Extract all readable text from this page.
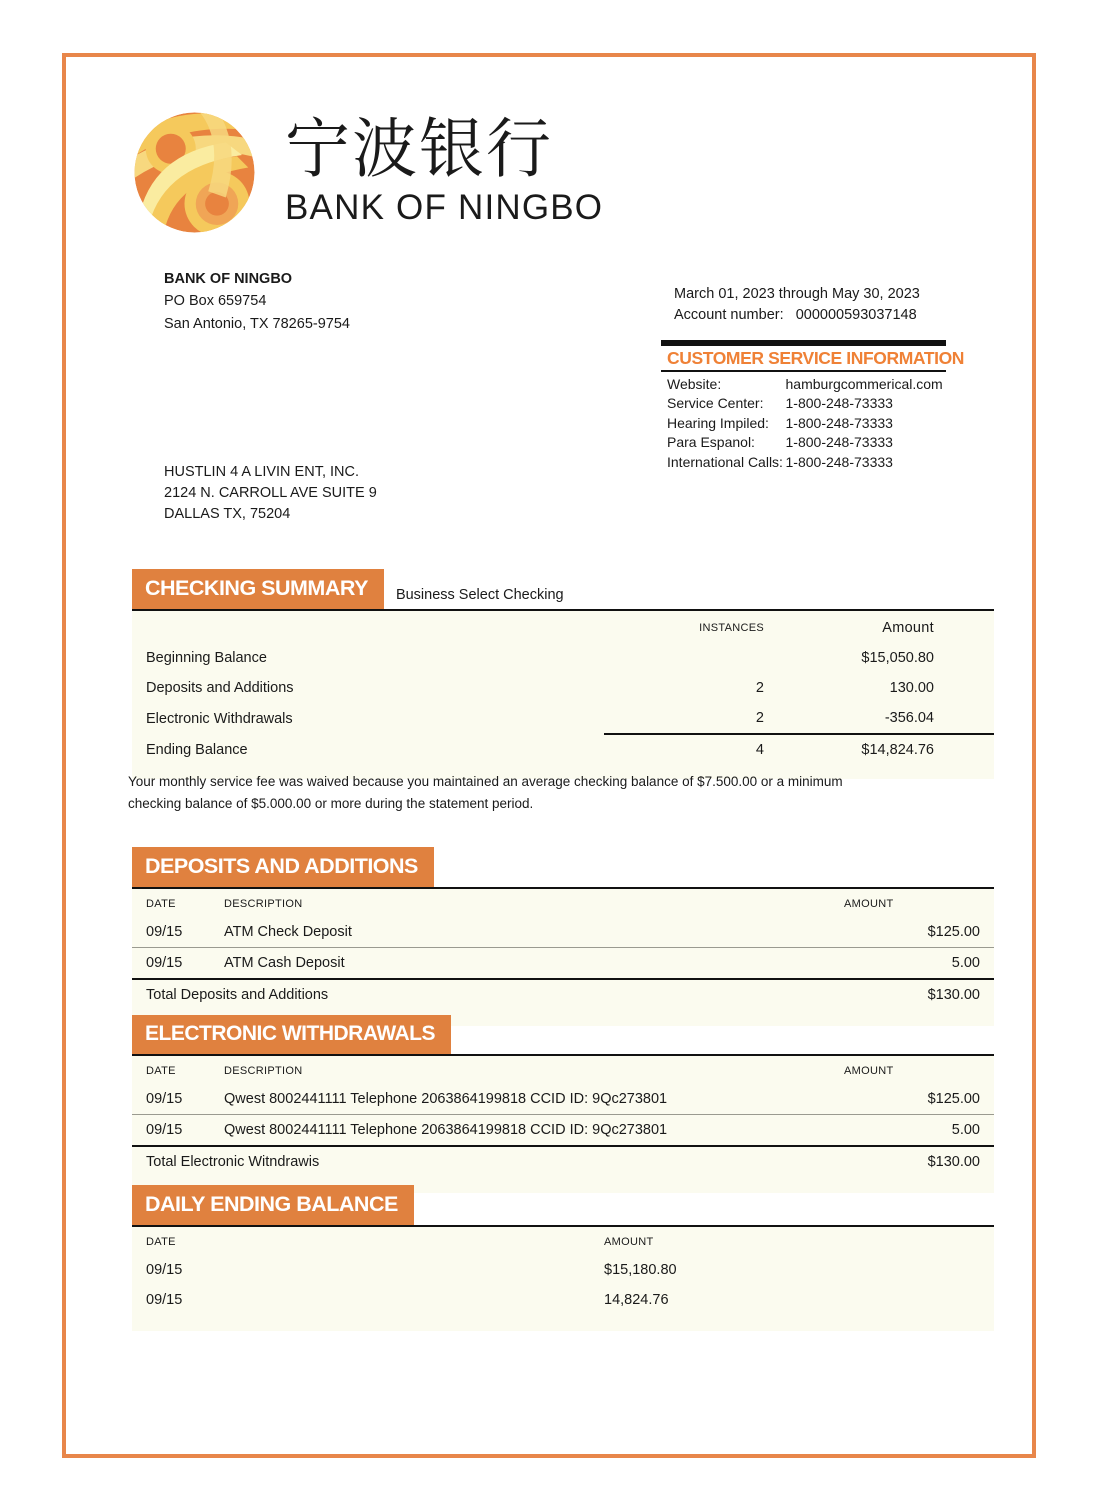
宁波银行
BANK OF NINGBO
BANK OF NINGBO
PO Box 659754
San Antonio, TX 78265-9754
March 01, 2023 through May 30, 2023
Account number: 000000593037148
CUSTOMER SERVICE INFORMATION
Website:	hamburgcommerical.com
Service Center:	1-800-248-73333
Hearing Impiled:	1-800-248-73333
Para Espanol:	1-800-248-73333
International Calls:	1-800-248-73333
HUSTLIN 4 A LIVIN ENT, INC.
2124 N. CARROLL AVE SUITE 9
DALLAS TX, 75204
CHECKING SUMMARY	Business Select Checking
	INSTANCES	Amount
Beginning Balance		$15,050.80
Deposits and Additions	2	130.00
Electronic Withdrawals	2	-356.04
Ending Balance	4	$14,824.76

Your monthly service fee was waived because you maintained an average checking balance of $7.500.00 or a minimum checking balance of $5.000.00 or more during the statement period.
DEPOSITS AND ADDITIONS
DATE	DESCRIPTION	AMOUNT
09/15	ATM Check Deposit	$125.00
09/15	ATM Cash Deposit	5.00
Total Deposits and Additions		$130.00

ELECTRONIC WITHDRAWALS
DATE	DESCRIPTION	AMOUNT
09/15	Qwest 8002441111 Telephone 2063864199818 CCID ID: 9Qc273801	$125.00
09/15	Qwest 8002441111 Telephone 2063864199818 CCID ID: 9Qc273801	5.00
Total Electronic Witndrawis		$130.00

DAILY ENDING BALANCE
DATE	AMOUNT
09/15	$15,180.80
09/15	14,824.76
